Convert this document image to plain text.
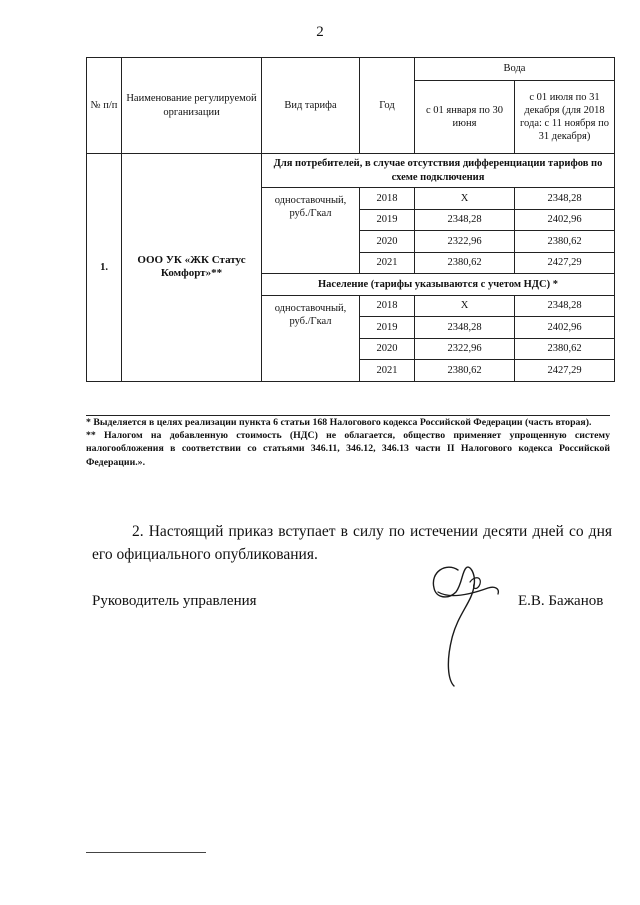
2
№ п/п	Наименование регулируемой организации	Вид тарифа	Год	Вода	
				с 01 января по 30 июня	с 01 июля по 31 декабря (для 2018 года: с 11 ноября по 31 декабря)
1.	ООО УК «ЖК Статус Комфорт»**	Для потребителей, в случае отсутствия дифференциации тарифов по схеме подключения			
		одноставочный, руб./Гкал	2018	Х	2348,28
			2019	2348,28	2402,96
			2020	2322,96	2380,62
			2021	2380,62	2427,29
		Население (тарифы указываются с учетом НДС) *			
		одноставочный, руб./Гкал	2018	Х	2348,28
			2019	2348,28	2402,96
			2020	2322,96	2380,62
			2021	2380,62	2427,29

* Выделяется в целях реализации пункта 6 статьи 168 Налогового кодекса Российской Федерации (часть вторая).

** Налогом на добавленную стоимость (НДС) не облагается, общество применяет упрощенную систему налогообложения в соответствии со статьями 346.11, 346.12, 346.13 части II Налогового кодекса Российской Федерации.».

2. Настоящий приказ вступает в силу по истечении десяти дней со дня его официального опубликования.
Руководитель управления	Е.В. Бажанов
